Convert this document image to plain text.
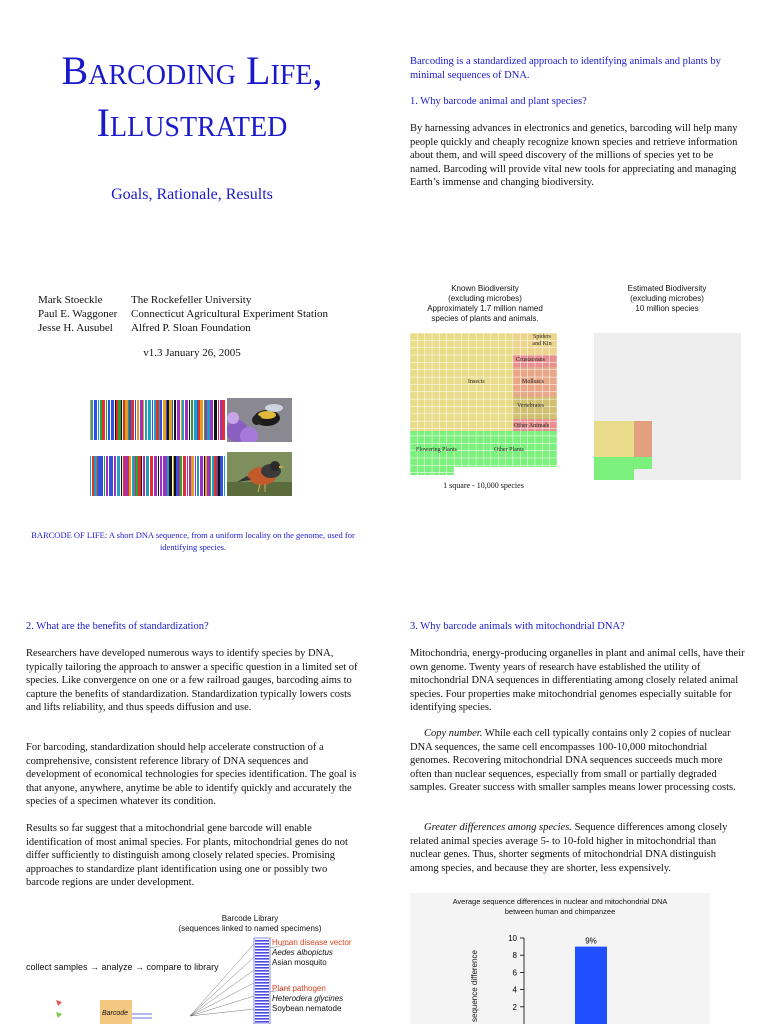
Barcoding Life,
Illustrated
Goals, Rationale, Results
Mark Stoeckle	The Rockefeller University
Paul E. Waggoner Connecticut Agricultural Experiment Station
Jesse H. Ausubel Alfred P. Sloan Foundation
v1.3 January 26, 2005
BARCODE OF LIFE: A short DNA sequence, from a uniform locality on the genome, used for identifying species.
Barcoding is a standardized approach to identifying animals and plants by minimal sequences of DNA.
1. Why barcode animal and plant species?
By harnessing advances in electronics and genetics, barcoding will help many people quickly and cheaply recognize known species and retrieve information about them, and will speed discovery of the millions of species yet to be named. Barcoding will provide vital new tools for appreciating and managing Earth’s immense and changing biodiversity.
Known Biodiversity
(excluding microbes)
Approximately 1.7 million named
species of plants and animals.
Estimated Biodiversity
(excluding microbes)
10 million species
Insects
Spiders and Kin
Crustaceans
Molluscs
Vertebrates
Other Animals
Flowering Plants	Other Plants
1 square - 10,000 species
2. What are the benefits of standardization?
Researchers have developed numerous ways to identify species by DNA, typically tailoring the approach to answer a specific question in a limited set of species. Like convergence on one or a few railroad gauges, barcoding aims to capture the benefits of standardization. Standardization typically lowers costs and lifts reliability, and thus speeds diffusion and use.
For barcoding, standardization should help accelerate construction of a comprehensive, consistent reference library of DNA sequences and development of economical technologies for species identification. The goal is that anyone, anywhere, anytime be able to identify quickly and accurately the species of a specimen whatever its condition.
Results so far suggest that a mitochondrial gene barcode will enable identification of most animal species. For plants, mitochondrial genes do not differ sufficiently to distinguish among closely related species. Promising approaches to standardize plant identification using one or possibly two barcode regions are under development.
Barcode Library
(sequences linked to named specimens)
collect samples → analyze → compare to library
Barcode
Human disease vector
Aedes albopictus
Asian mosquito
Plant pathogen
Heterodera glycines
Soybean nematode
3. Why barcode animals with mitochondrial DNA?
Mitochondria, energy-producing organelles in plant and animal cells, have their own genome. Twenty years of research have established the utility of mitochondrial DNA sequences in differentiating among closely related animal species. Four properties make mitochondrial genomes especially suitable for identifying species.
Copy number. While each cell typically contains only 2 copies of nuclear DNA sequences, the same cell encompasses 100-10,000 mitochondrial genomes. Recovering mitochondrial DNA sequences succeeds much more often than nuclear sequences, especially from small or partially degraded samples. Greater success with smaller samples means lower processing costs.
Greater differences among species. Sequence differences among closely related animal species average 5- to 10-fold higher in mitochondrial than nuclear genes. Thus, shorter segments of mitochondrial DNA distinguish among species, and because they are shorter, less expensively.
Average sequence differences in nuclear and mitochondrial DNA
between human and chimpanzee
sequence difference
10
8
6
4
2
9%
